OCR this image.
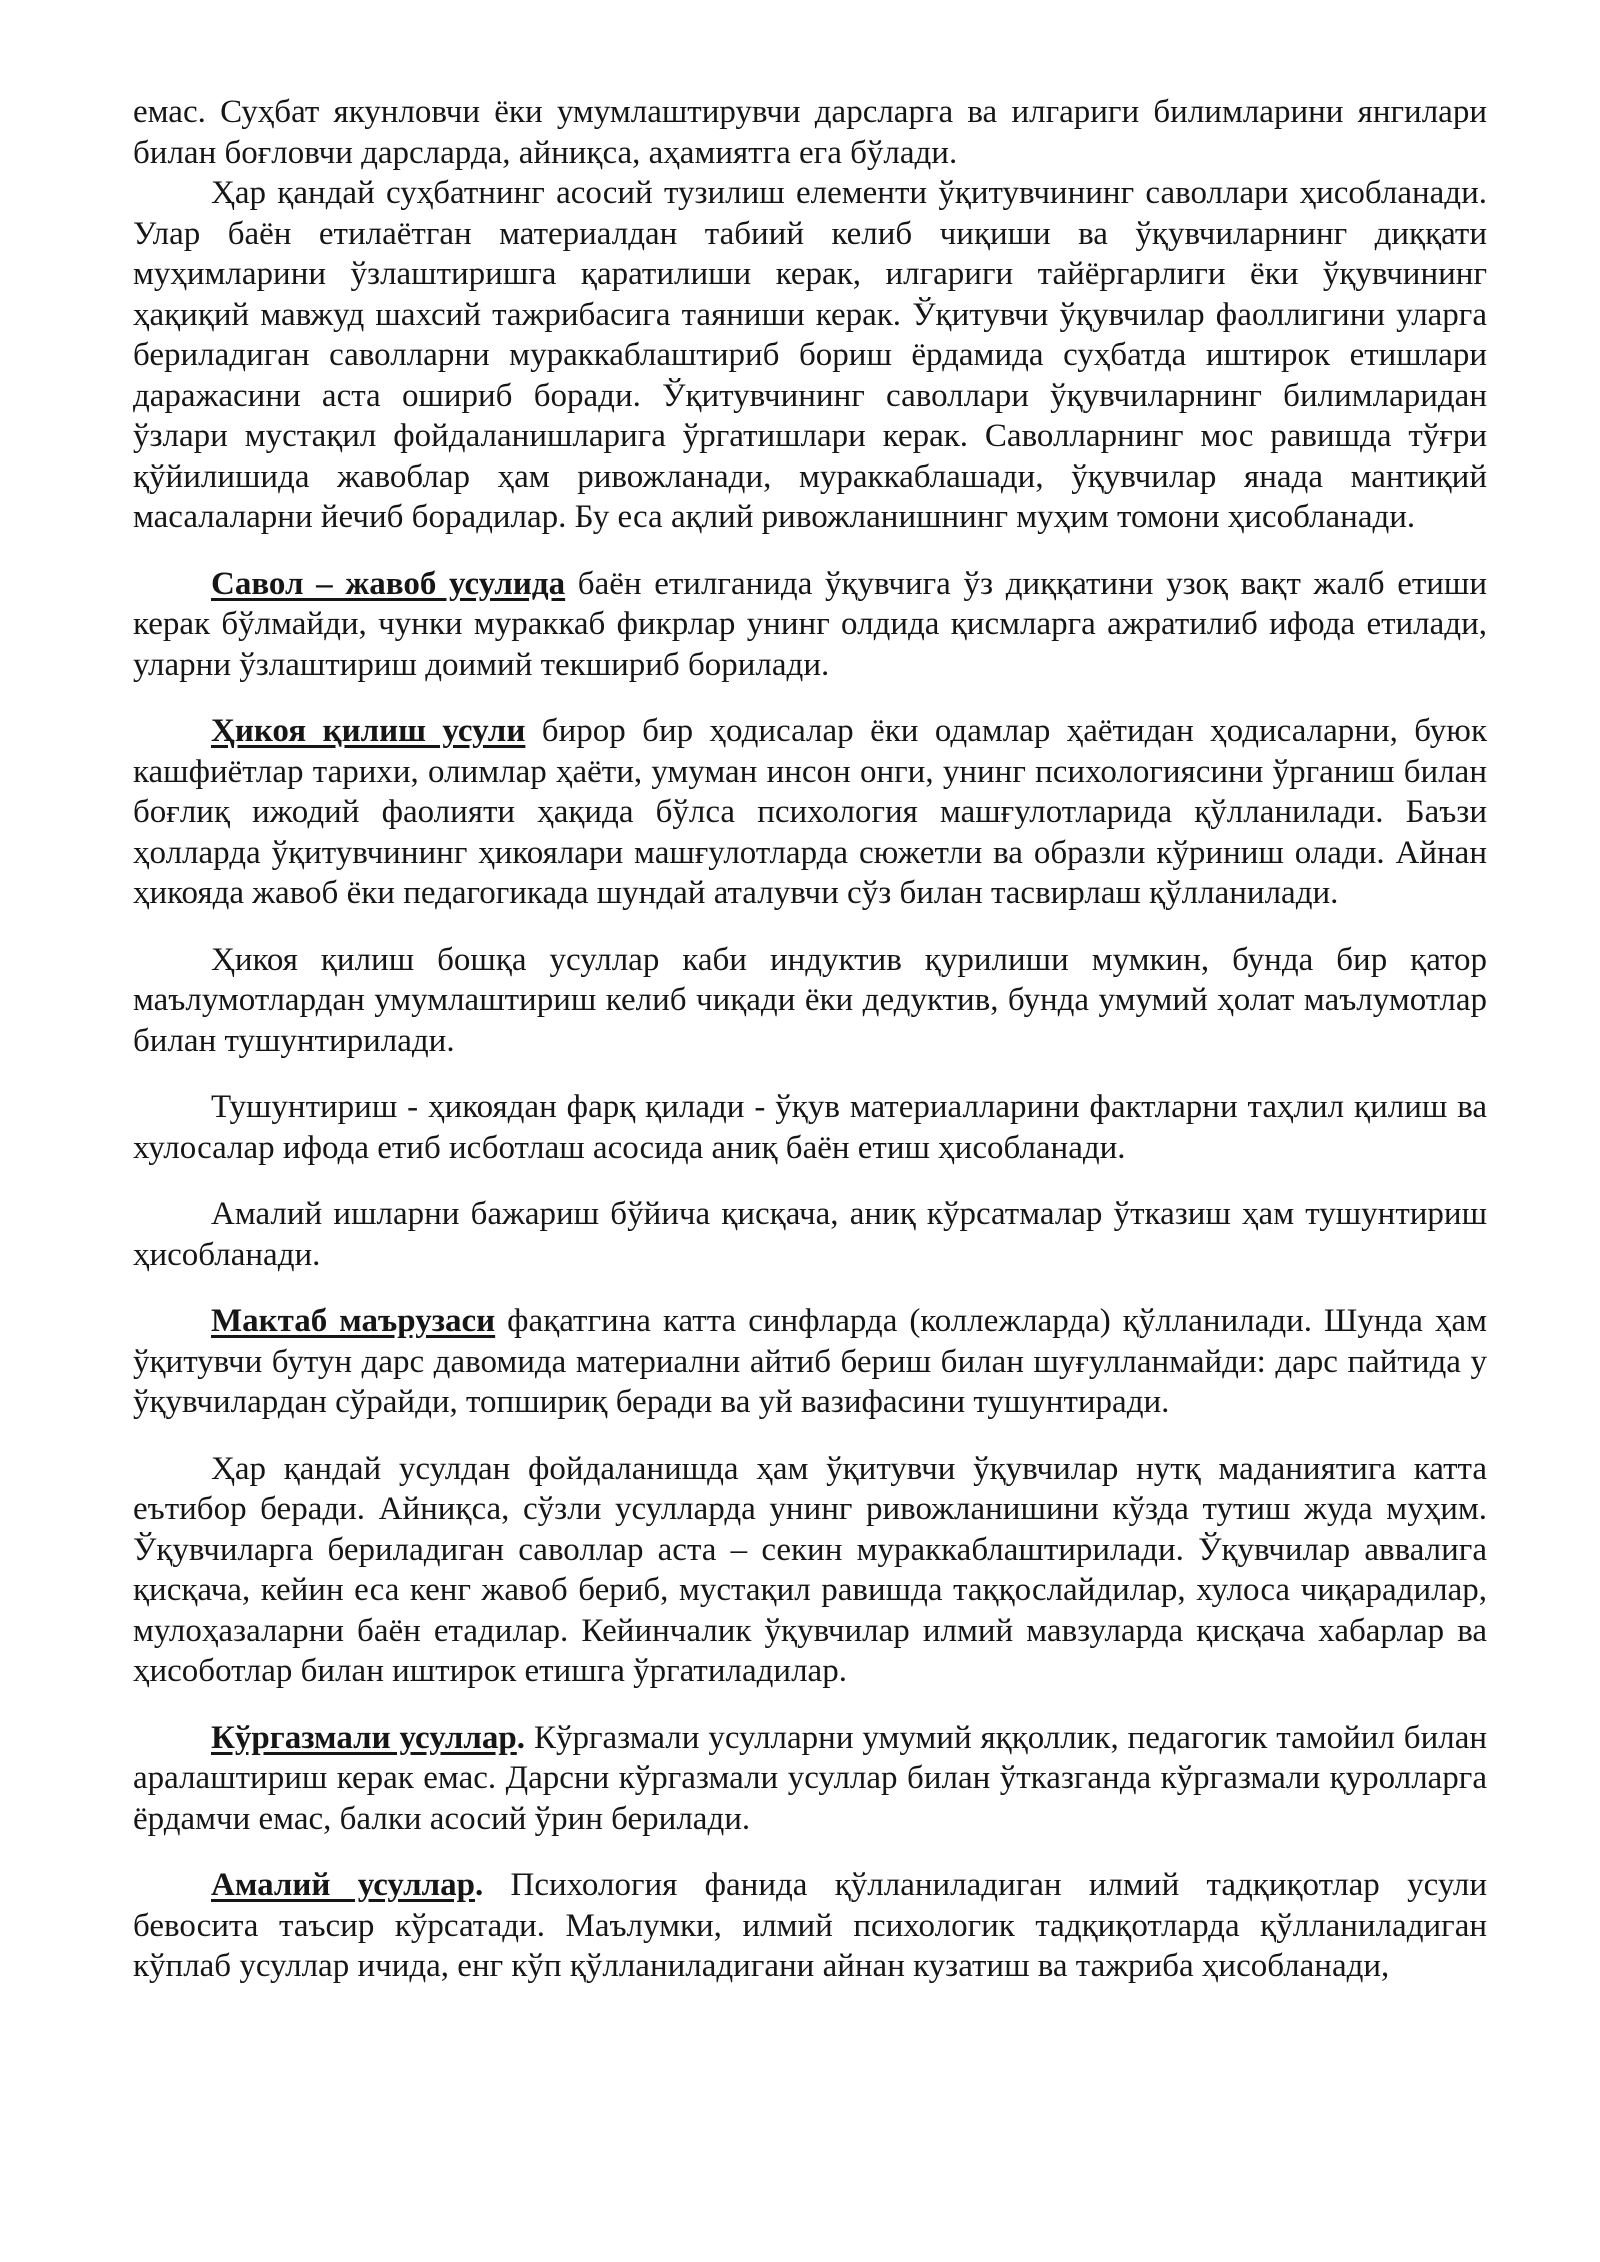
емас. Суҳбат якунловчи ёки умумлаштирувчи дарсларга ва илгариги билимларини янгилари билан боғловчи дарсларда, айниқса, аҳамиятга ега бўлади.

Ҳар қандай суҳбатнинг асосий тузилиш елементи ўқитувчининг саволлари ҳисобланади. Улар баён етилаётган материалдан табиий келиб чиқиши ва ўқувчиларнинг диққати муҳимларини ўзлаштиришга қаратилиши керак, илгариги тайёргарлиги ёки ўқувчининг ҳақиқий мавжуд шахсий тажрибасига таяниши керак. Ўқитувчи ўқувчилар фаоллигини уларга бериладиган саволларни мураккаблаштириб бориш ёрдамида суҳбатда иштирок етишлари даражасини аста ошириб боради. Ўқитувчининг саволлари ўқувчиларнинг билимларидан ўзлари мустақил фойдаланишларига ўргатишлари керак. Саволларнинг мос равишда тўғри қўйилишида жавоблар ҳам ривожланади, мураккаблашади, ўқувчилар янада мантиқий масалаларни йечиб борадилар. Бу еса ақлий ривожланишнинг муҳим томони ҳисобланади.

Савол – жавоб усулида баён етилганида ўқувчига ўз диққатини узоқ вақт жалб етиши керак бўлмайди, чунки мураккаб фикрлар унинг олдида қисмларга ажратилиб ифода етилади, уларни ўзлаштириш доимий текшириб борилади.

Ҳикоя қилиш усули бирор бир ҳодисалар ёки одамлар ҳаётидан ҳодисаларни, буюк кашфиётлар тарихи, олимлар ҳаёти, умуман инсон онги, унинг психологиясини ўрганиш билан боғлиқ ижодий фаолияти ҳақида бўлса психология машғулотларида қўлланилади. Баъзи ҳолларда ўқитувчининг ҳикоялари машғулотларда сюжетли ва образли кўриниш олади. Айнан ҳикояда жавоб ёки педагогикада шундай аталувчи сўз билан тасвирлаш қўлланилади.

Ҳикоя қилиш бошқа усуллар каби индуктив қурилиши мумкин, бунда бир қатор маълумотлардан умумлаштириш келиб чиқади ёки дедуктив, бунда умумий ҳолат маълумотлар билан тушунтирилади.

Тушунтириш - ҳикоядан фарқ қилади - ўқув материалларини фактларни таҳлил қилиш ва хулосалар ифода етиб исботлаш асосида аниқ баён етиш ҳисобланади.

Амалий ишларни бажариш бўйича қисқача, аниқ кўрсатмалар ўтказиш ҳам тушунтириш ҳисобланади.

Мактаб маърузаси фақатгина катта синфларда (коллежларда) қўлланилади. Шунда ҳам ўқитувчи бутун дарс давомида материални айтиб бериш билан шуғулланмайди: дарс пайтида у ўқувчилардан сўрайди, топшириқ беради ва уй вазифасини тушунтиради.

Ҳар қандай усулдан фойдаланишда ҳам ўқитувчи ўқувчилар нутқ маданиятига катта еътибор беради. Айниқса, сўзли усулларда унинг ривожланишини кўзда тутиш жуда муҳим. Ўқувчиларга бериладиган саволлар аста – секин мураккаблаштирилади. Ўқувчилар аввалига қисқача, кейин еса кенг жавоб бериб, мустақил равишда таққослайдилар, хулоса чиқарадилар, мулоҳазаларни баён етадилар. Кейинчалик ўқувчилар илмий мавзуларда қисқача хабарлар ва ҳисоботлар билан иштирок етишга ўргатиладилар.

Кўргазмали усуллар. Кўргазмали усулларни умумий яққоллик, педагогик тамойил билан аралаштириш керак емас. Дарсни кўргазмали усуллар билан ўтказганда кўргазмали қуролларга ёрдамчи емас, балки асосий ўрин берилади.

Амалий усуллар. Психология фанида қўлланиладиган илмий тадқиқотлар усули бевосита таъсир кўрсатади. Маълумки, илмий психологик тадқиқотларда қўлланиладиган кўплаб усуллар ичида, енг кўп қўлланиладигани айнан кузатиш ва тажриба ҳисобланади,
